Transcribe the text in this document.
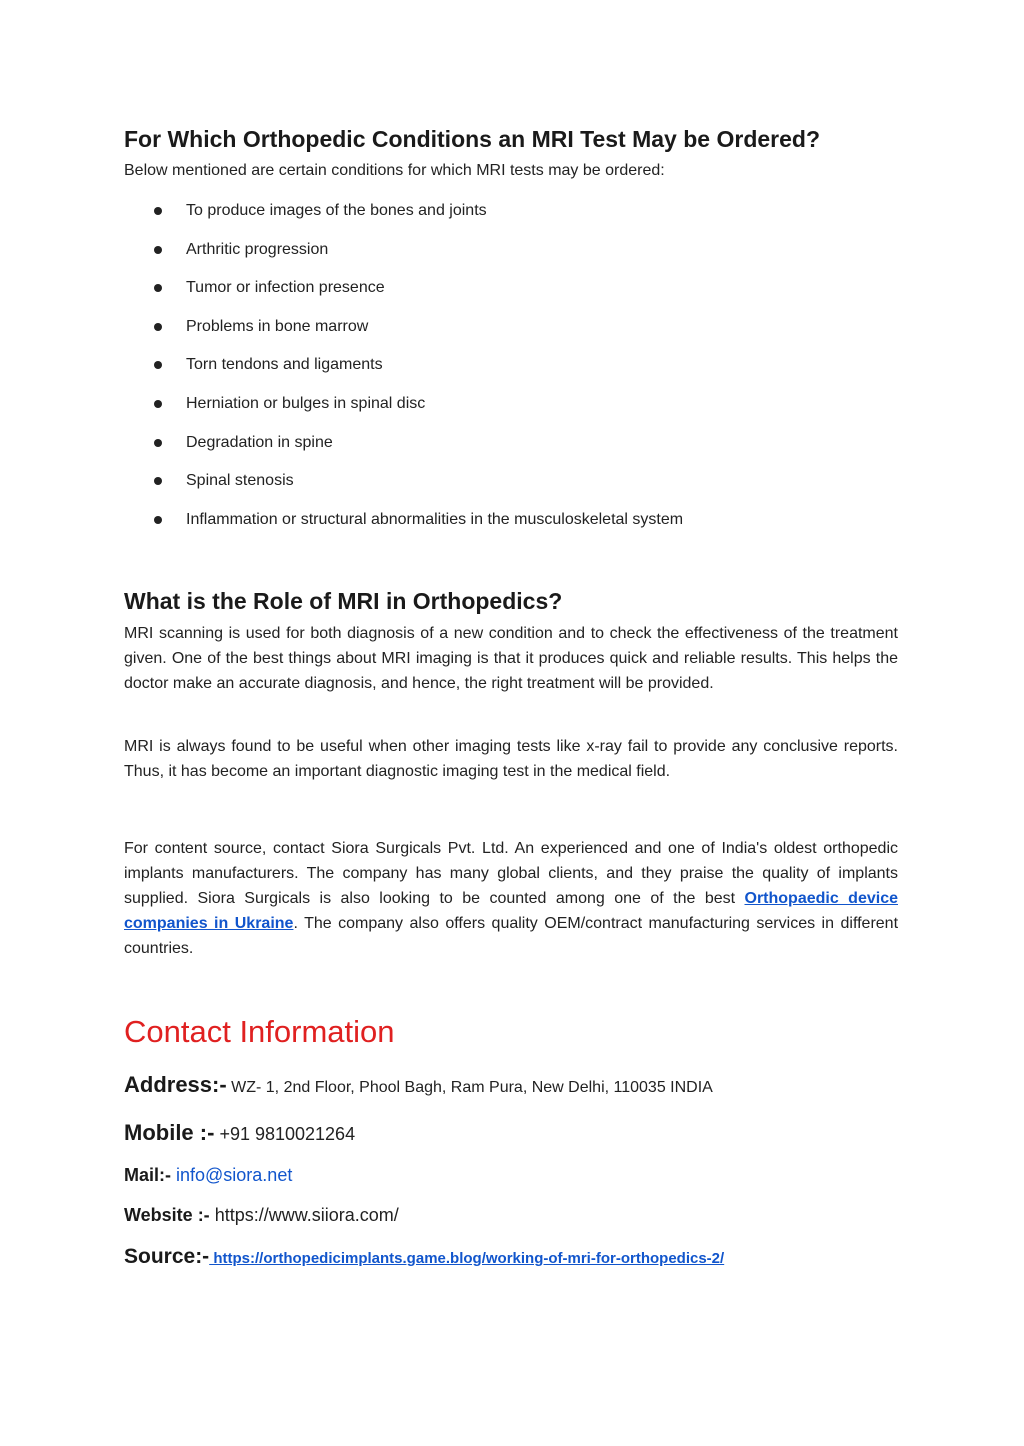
For Which Orthopedic Conditions an MRI Test May be Ordered?
Below mentioned are certain conditions for which MRI tests may be ordered:
To produce images of the bones and joints
Arthritic progression
Tumor or infection presence
Problems in bone marrow
Torn tendons and ligaments
Herniation or bulges in spinal disc
Degradation in spine
Spinal stenosis
Inflammation or structural abnormalities in the musculoskeletal system
What is the Role of MRI in Orthopedics?

MRI scanning is used for both diagnosis of a new condition and to check the effectiveness of the treatment given. One of the best things about MRI imaging is that it produces quick and reliable results. This helps the doctor make an accurate diagnosis, and hence, the right treatment will be provided.

MRI is always found to be useful when other imaging tests like x-ray fail to provide any conclusive reports. Thus, it has become an important diagnostic imaging test in the medical field.

For content source, contact Siora Surgicals Pvt. Ltd. An experienced and one of India's oldest orthopedic implants manufacturers. The company has many global clients, and they praise the quality of implants supplied. Siora Surgicals is also looking to be counted among one of the best Orthopaedic device companies in Ukraine. The company also offers quality OEM/contract manufacturing services in different countries.

Contact Information
Address:- WZ- 1, 2nd Floor, Phool Bagh, Ram Pura, New Delhi, 110035 INDIA
Mobile :- +91 9810021264
Mail:- info@siora.net
Website :- https://www.siiora.com/
Source:- https://orthopedicimplants.game.blog/working-of-mri-for-orthopedics-2/
